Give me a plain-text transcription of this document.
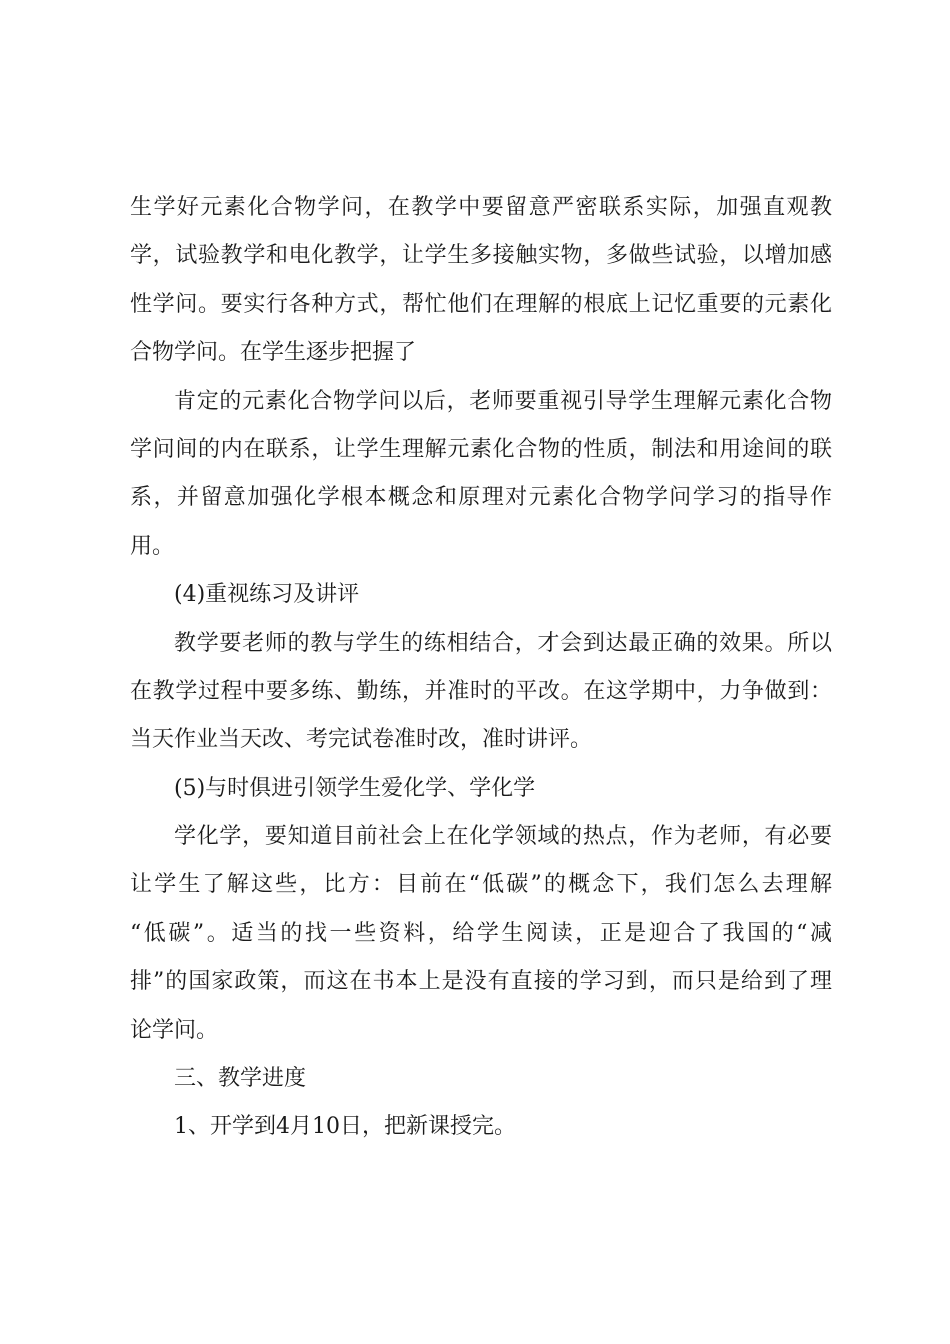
生学好元素化合物学问，在教学中要留意严密联系实际，加强直观教
学，试验教学和电化教学，让学生多接触实物，多做些试验，以增加感
性学问。要实行各种方式，帮忙他们在理解的根底上记忆重要的元素化
合物学问。在学生逐步把握了
肯定的元素化合物学问以后，老师要重视引导学生理解元素化合物
学问间的内在联系，让学生理解元素化合物的性质，制法和用途间的联
系，并留意加强化学根本概念和原理对元素化合物学问学习的指导作
用。
(4)重视练习及讲评
教学要老师的教与学生的练相结合，才会到达最正确的效果。所以
在教学过程中要多练、勤练，并准时的平改。在这学期中，力争做到：
当天作业当天改、考完试卷准时改，准时讲评。
(5)与时俱进引领学生爱化学、学化学
学化学，要知道目前社会上在化学领域的热点，作为老师，有必要
让学生了解这些，比方：目前在“低碳”的概念下，我们怎么去理解
“低碳”。适当的找一些资料，给学生阅读，正是迎合了我国的“减
排”的国家政策，而这在书本上是没有直接的学习到，而只是给到了理
论学问。
三、教学进度
1、开学到4月10日，把新课授完。
